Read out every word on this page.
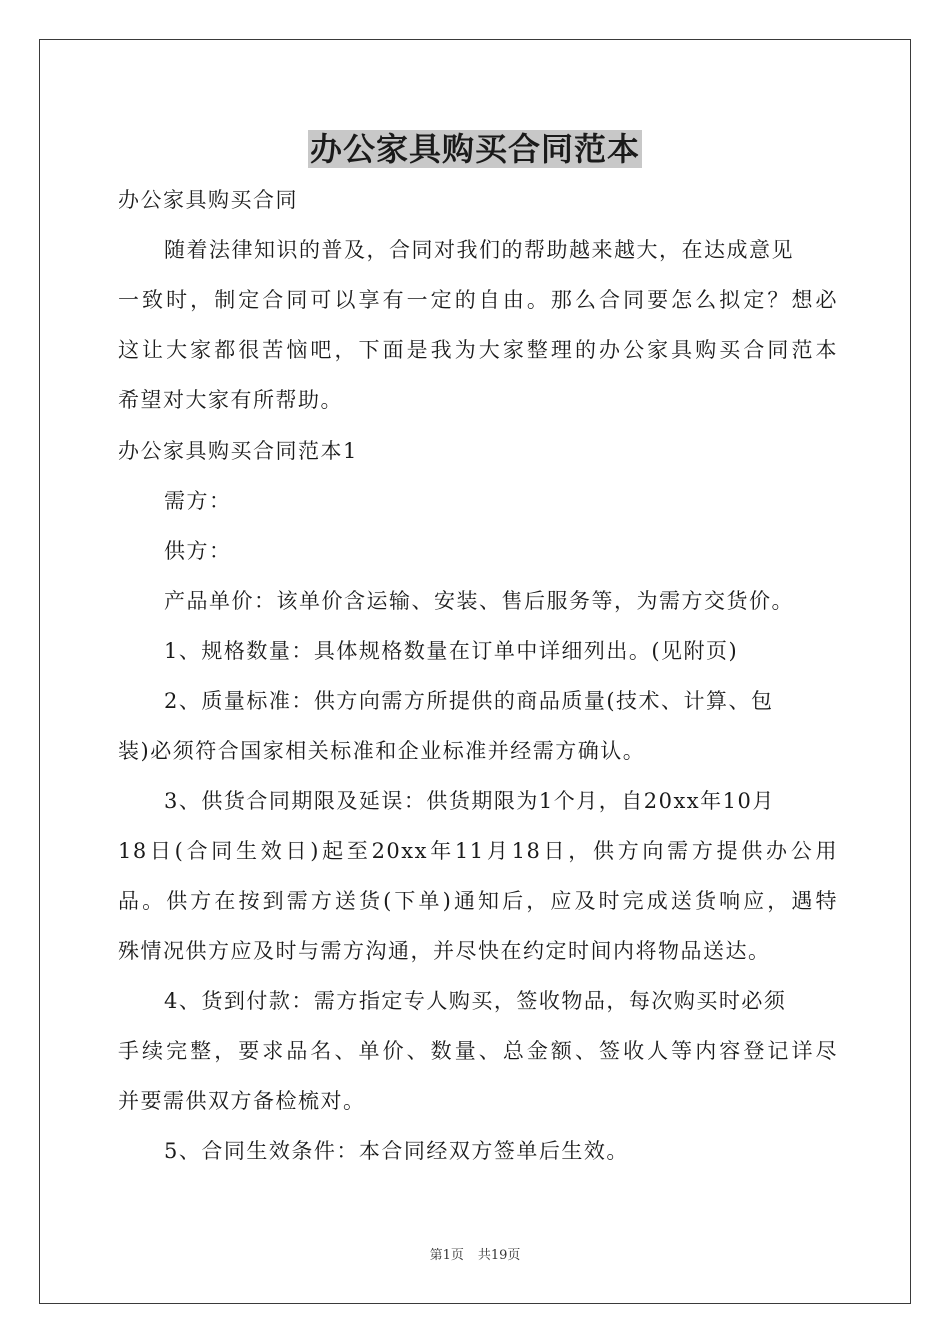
办公家具购买合同范本
办公家具购买合同
随着法律知识的普及，合同对我们的帮助越来越大，在达成意见
一致时，制定合同可以享有一定的自由。那么合同要怎么拟定？想必
这让大家都很苦恼吧，下面是我为大家整理的办公家具购买合同范本
希望对大家有所帮助。
办公家具购买合同范本1
需方：
供方：
产品单价：该单价含运输、安装、售后服务等，为需方交货价。
1、规格数量：具体规格数量在订单中详细列出。(见附页)
2、质量标准：供方向需方所提供的商品质量(技术、计算、包
装)必须符合国家相关标准和企业标准并经需方确认。
3、供货合同期限及延误：供货期限为1个月，自20xx年10月
18日(合同生效日)起至20xx年11月18日，供方向需方提供办公用
品。供方在按到需方送货(下单)通知后，应及时完成送货响应，遇特
殊情况供方应及时与需方沟通，并尽快在约定时间内将物品送达。
4、货到付款：需方指定专人购买，签收物品，每次购买时必须
手续完整，要求品名、单价、数量、总金额、签收人等内容登记详尽
并要需供双方备检梳对。
5、合同生效条件：本合同经双方签单后生效。
第1页 共19页
